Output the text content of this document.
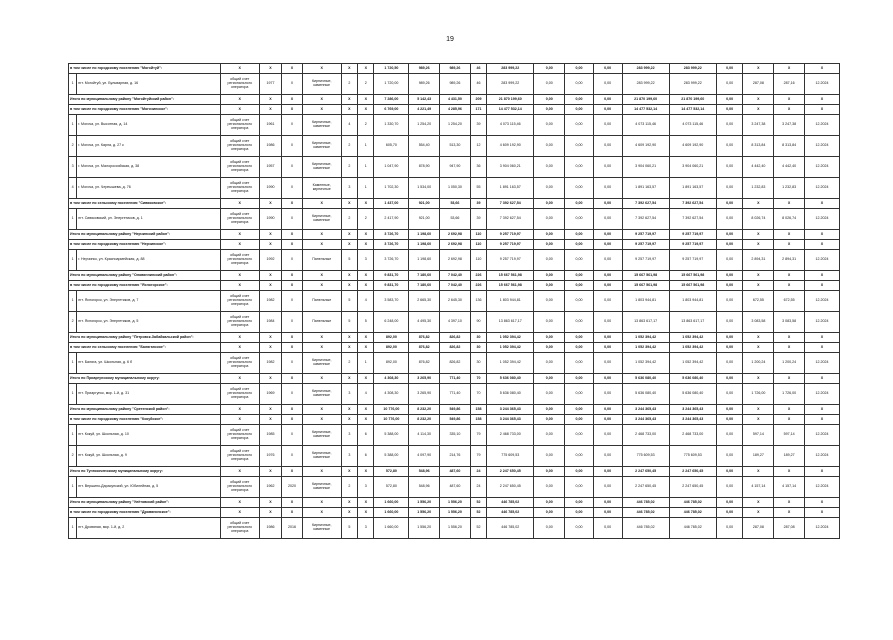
19
в том числе по городскому поселению "Могойтуй":		X	X	X	X	X	X	1 720,50	989,26	989,26	46	283 999,22	0,00	0,00	0,00	283 999,22	283 999,22	0,00	X	X	X
1	пгт. Могойтуй, ул. Бульварная, д. 16	общий счет регионального оператора	1977	X	Кирпичные, каменные	2	2	1 720,00	989,26	989,26	46	283 999,22	0,00	0,00	0,00	283 999,22	283 999,22	0,00	287,08	287,16	12.2024
Итого по муниципальному району "Могойтуйский район":		X	X	X	X	X	X	7 286,00	5 142,43	4 431,50	209	21 870 199,60	0,00	0,00	0,00	21 870 199,60	21 870 199,60	0,00	X	X	X
в том числе по городскому поселению "Могочинское":		X	X	X	X	X	X	6 769,00	4 221,49	4 285,96	171	14 477 532,14	0,00	0,00	0,00	14 477 532,14	14 477 532,14	0,00	X	X	X
1	г. Могоча, ул. Высотная, д. 14	общий счет регионального оператора	1961	X	Кирпичные, каменные	4	2	1 330,70	1 254,20	1 254,20	39	4 073 115,46	0,00	0,00	0,00	4 073 115,46	4 073 115,46	0,00	3 247,38	3 247,38	12.2024
2	г. Могоча, ул. Карла, д. 27 к	общий счет регионального оператора	1986	X	Кирпичные, каменные	2	1	605,70	554,40	513,30	12	4 609 192,90	0,00	0,00	0,00	4 609 192,90	4 609 192,90	0,00	8 313,84	8 313,84	12.2024
3	г. Могоча, ул. Малороссийская, д. 38	общий счет регионального оператора	1957	X	Кирпичные, каменные	2	1	1 047,90	878,90	947,90	36	3 904 060,21	0,00	0,00	0,00	3 904 060,21	3 904 060,21	0,00	4 442,40	4 442,40	12.2024
4	г. Могоча, ул. Чернышева, д. 76	общий счет регионального оператора	1990	X	Каменные, кирпичные	3	1	1 702,30	1 534,00	1 050,30	55	1 891 163,57	0,00	0,00	0,00	1 891 163,57	1 891 163,57	0,00	1 232,83	1 232,83	12.2024
в том числе по сельскому поселению "Сивяковское":		X	X	X	X	X	X	1 437,00	921,00	53,66	39	7 392 627,54	0,00	0,00	0,00	7 392 627,54	7 392 627,54	0,00	X	X	X
1	пгт. Сивяковский, ул. Энергетиков, д. 1	общий счет регионального оператора	1990	X	Кирпичные, каменные	2	2	2 417,90	921,00	53,66	39	7 392 627,54	0,00	0,00	0,00	7 392 627,54	7 392 627,54	0,00	8 026,74	8 026,74	12.2024
Итого по муниципальному району "Нерчинский район":		X	X	X	X	X	X	3 726,70	1 198,60	2 692,98	110	9 257 719,97	0,00	0,00	0,00	9 257 719,97	9 257 719,97	0,00	X	X	X
в том числе по городскому поселению "Нерчинское":		X	X	X	X	X	X	3 726,70	1 198,60	2 692,98	110	9 257 719,97	0,00	0,00	0,00	9 257 719,97	9 257 719,97	0,00	X	X	X
1	г. Нерчинск, ул. Красноармейская, д. 88	общий счет регионального оператора	1992	X	Панельные	5	3	3 726,70	1 198,60	2 692,98	110	9 257 719,97	0,00	0,00	0,00	9 257 719,97	9 257 719,97	0,00	2 894,31	2 894,31	12.2024
Итого по муниципальному району "Оловяннинский район":		X	X	X	X	X	X	9 831,70	7 180,60	7 042,40	226	15 667 561,98	0,00	0,00	0,00	15 667 561,98	15 667 561,98	0,00	X	X	X
в том числе по городскому поселению "Ясногорское":		X	X	X	X	X	X	9 831,70	7 180,60	7 042,40	226	15 667 561,98	0,00	0,00	0,00	15 667 561,98	15 667 561,98	0,00	X	X	X
1	пгт. Ясногорск, ул. Энергетиков, д. 7	общий счет регионального оператора	1982	X	Панельные	5	4	3 583,70	2 665,30	2 645,30	136	1 803 944,81	0,00	0,00	0,00	1 803 944,81	1 803 944,81	0,00	672,55	672,55	12.2024
2	пгт. Ясногорск, ул. Энергетиков, д. 5	общий счет регионального оператора	1984	X	Панельные	5	5	6 248,00	4 495,30	4 397,10	90	13 863 617,17	0,00	0,00	0,00	13 863 617,17	13 863 617,17	0,00	3 083,58	3 083,58	12.2024
Итого по муниципальному району "Петровск-Забайкальский район":		X	X	X	X	X	X	892,00	876,82	826,82	30	1 052 394,42	0,00	0,00	0,00	1 052 394,42	1 052 394,42	0,00	X	X	X
в том числе по сельскому поселению "Баляганское":		X	X	X	X	X	X	892,00	876,82	826,82	30	1 052 394,42	0,00	0,00	0,00	1 052 394,42	1 052 394,42	0,00	X	X	X
1	пгт. Балягa, ул. Школьная, д. 6 б	общий счет регионального оператора	1982	X	Кирпичные, каменные	2	1	892,00	876,82	826,82	30	1 052 394,42	0,00	0,00	0,00	1 052 394,42	1 052 394,42	0,00	1 200,24	1 200,24	12.2024
Итого по Приаргунскому муниципальному округу:		X	X	X	X	X	X	4 308,30	3 265,90	771,40	70	5 636 080,40	0,00	0,00	0,00	5 636 080,40	5 636 080,40	0,00	X	X	X
1	пгт. Приаргунск, мкр. 1-й, д. 31	общий счет регионального оператора	1969	X	Кирпичные, каменные	3	4	4 308,30	3 265,90	771,40	70	5 636 080,40	0,00	0,00	0,00	5 636 080,40	5 636 080,40	0,00	1 726,00	1 726,00	12.2024
Итого по муниципальному району "Сретенский район":		X	X	X	X	X	X	10 776,00	8 232,20	549,86	158	3 244 365,43	0,00	0,00	0,00	3 244 365,43	3 244 365,43	0,00	X	X	X
в том числе по городскому поселению "Кокуйское":		X	X	X	X	X	X	10 776,00	8 232,20	549,86	158	3 244 365,43	0,00	0,00	0,00	3 244 365,43	3 244 365,43	0,00	X	X	X
1	пгт. Кокуй, ул. Школьная, д. 10	общий счет регионального оператора	1985	X	Кирпичные, каменные	3	6	5 388,00	4 114,30	335,10	79	2 468 733,00	0,00	0,00	0,00	2 468 733,00	2 468 733,00	0,00	597,14	597,14	12.2024
2	пгт. Кокуй, ул. Школьная, д. 9	общий счет регионального оператора	1976	X	Кирпичные, каменные	3	6	5 388,00	4 097,90	214,76	79	775 609,53	0,00	0,00	0,00	775 609,53	775 609,53	0,00	189,27	189,27	12.2024
Итого по Тунгокоченскому муниципальному округу:		X	X	X	X	X	X	572,80	548,96	487,60	24	2 247 650,45	0,00	0,00	0,00	2 247 650,45	2 247 650,45	0,00	X	X	X
1	пгт. Вершино-Дарасунский, ул. Юбилейная, д. 5	общий счет регионального оператора	1962	2020	Кирпичные, каменные	2	3	572,80	548,96	487,60	24	2 247 650,45	0,00	0,00	0,00	2 247 650,45	2 247 650,45	0,00	4 157,14	4 157,14	12.2024
Итого по муниципальному району "Улётовский район":		X	X	X	X	X	X	1 660,00	1 556,20	1 556,20	52	446 785,02	0,00	0,00	0,00	446 785,02	446 785,02	0,00	X	X	X
в том числе по городскому поселению "Дровянинское":		X	X	X	X	X	X	1 660,00	1 556,20	1 556,20	52	446 785,02	0,00	0,00	0,00	446 785,02	446 785,02	0,00	X	X	X
1	пгт. Дровяная, мкр. 1-й, д. 2	общий счет регионального оператора	1986	2016	Кирпичные, каменные	5	3	1 660,00	1 556,20	1 556,20	52	446 785,02	0,00	0,00	0,00	446 785,02	446 785,02	0,00	287,08	287,08	12.2024
